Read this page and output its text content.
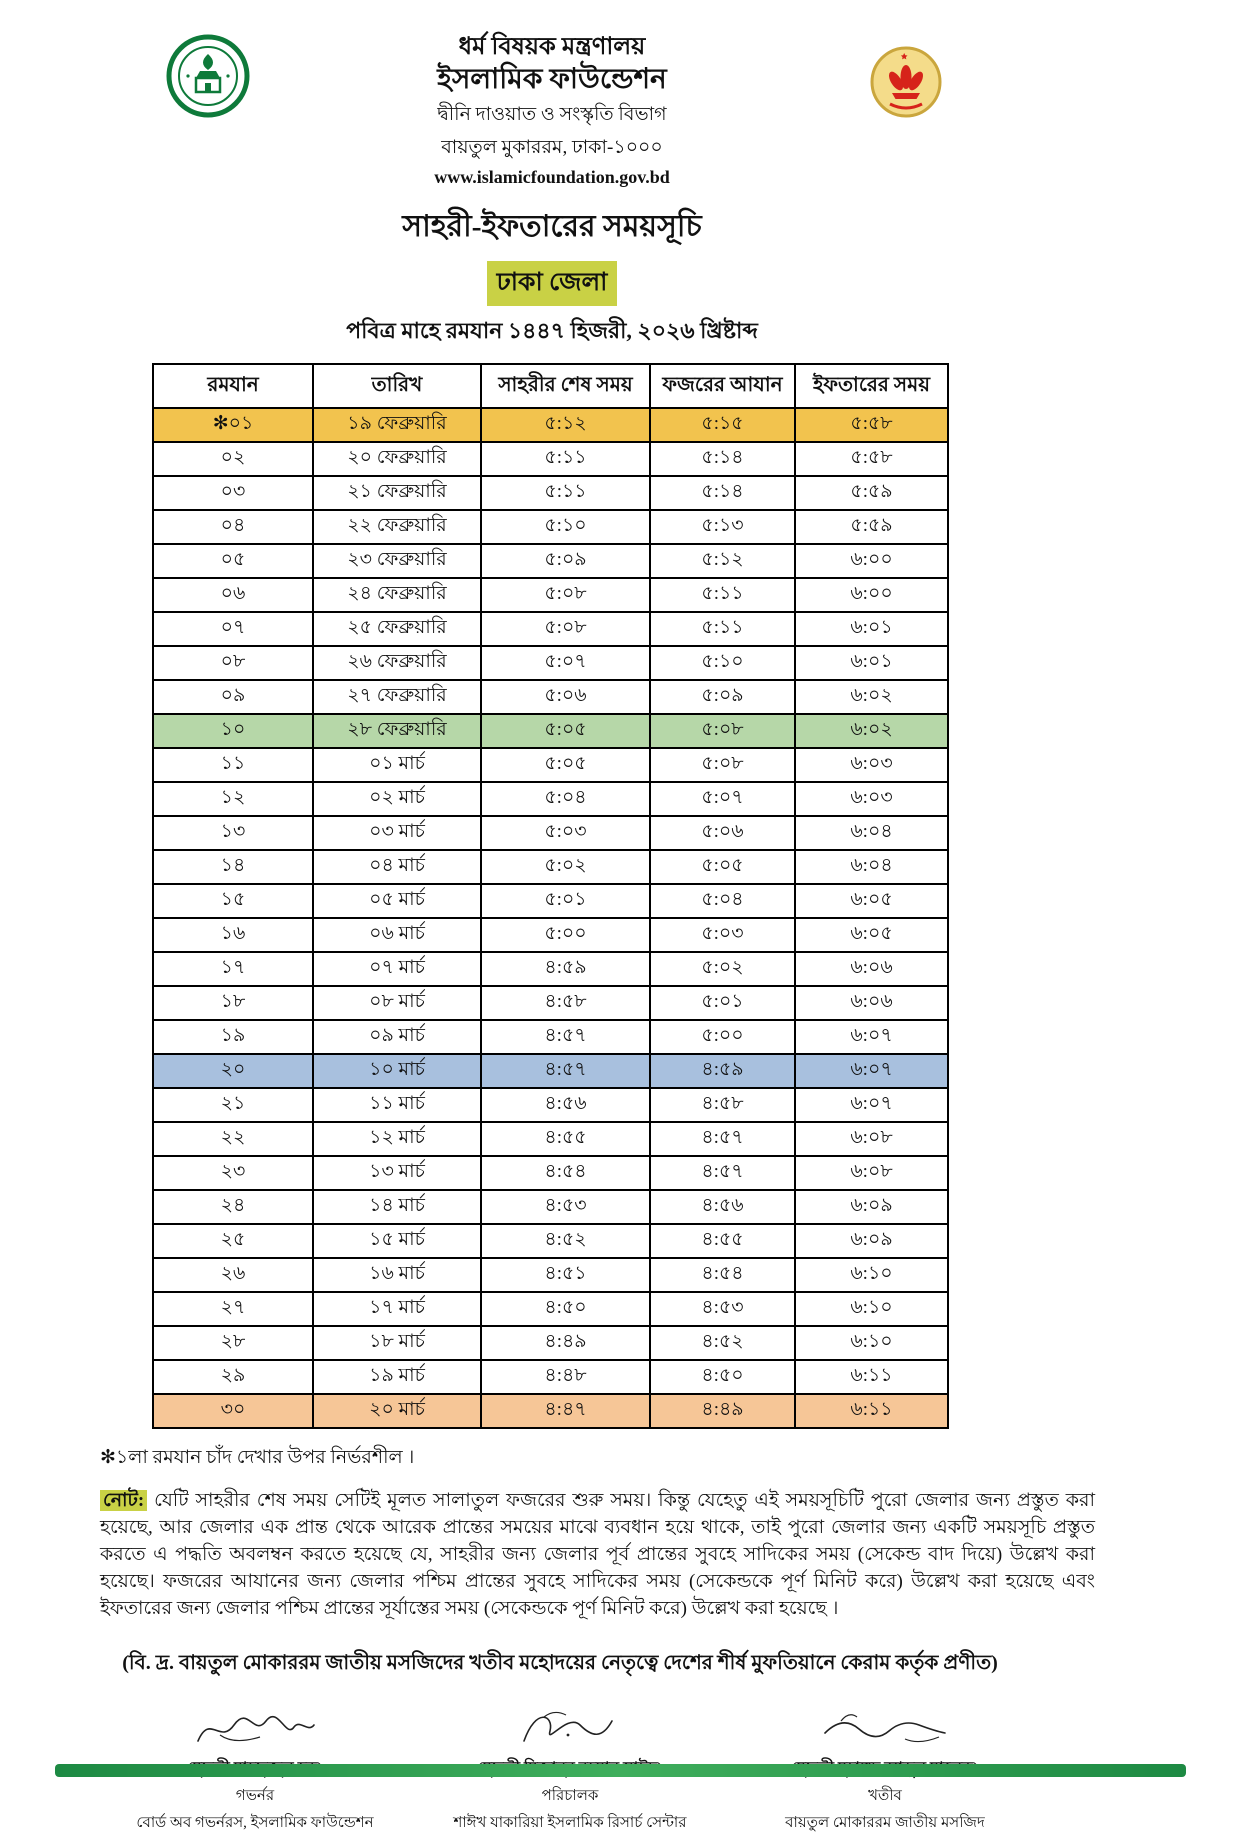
ধর্ম বিষয়ক মন্ত্রণালয়
ইসলামিক ফাউন্ডেশন
দ্বীনি দাওয়াত ও সংস্কৃতি বিভাগ
বায়তুল মুকাররম, ঢাকা-১০০০
www.islamicfoundation.gov.bd
সাহরী-ইফতারের সময়সূচি
ঢাকা জেলা
পবিত্র মাহে রমযান ১৪৪৭ হিজরী, ২০২৬ খ্রিষ্টাব্দ
রমযান	তারিখ	সাহরীর শেষ সময়	ফজরের আযান	ইফতারের সময়
✻০১	১৯ ফেব্রুয়ারি	৫:১২	৫:১৫	৫:৫৮
০২	২০ ফেব্রুয়ারি	৫:১১	৫:১৪	৫:৫৮
০৩	২১ ফেব্রুয়ারি	৫:১১	৫:১৪	৫:৫৯
০৪	২২ ফেব্রুয়ারি	৫:১০	৫:১৩	৫:৫৯
০৫	২৩ ফেব্রুয়ারি	৫:০৯	৫:১২	৬:০০
০৬	২৪ ফেব্রুয়ারি	৫:০৮	৫:১১	৬:০০
০৭	২৫ ফেব্রুয়ারি	৫:০৮	৫:১১	৬:০১
০৮	২৬ ফেব্রুয়ারি	৫:০৭	৫:১০	৬:০১
০৯	২৭ ফেব্রুয়ারি	৫:০৬	৫:০৯	৬:০২
১০	২৮ ফেব্রুয়ারি	৫:০৫	৫:০৮	৬:০২
১১	০১ মার্চ	৫:০৫	৫:০৮	৬:০৩
১২	০২ মার্চ	৫:০৪	৫:০৭	৬:০৩
১৩	০৩ মার্চ	৫:০৩	৫:০৬	৬:০৪
১৪	০৪ মার্চ	৫:০২	৫:০৫	৬:০৪
১৫	০৫ মার্চ	৫:০১	৫:০৪	৬:০৫
১৬	০৬ মার্চ	৫:০০	৫:০৩	৬:০৫
১৭	০৭ মার্চ	৪:৫৯	৫:০২	৬:০৬
১৮	০৮ মার্চ	৪:৫৮	৫:০১	৬:০৬
১৯	০৯ মার্চ	৪:৫৭	৫:০০	৬:০৭
২০	১০ মার্চ	৪:৫৭	৪:৫৯	৬:০৭
২১	১১ মার্চ	৪:৫৬	৪:৫৮	৬:০৭
২২	১২ মার্চ	৪:৫৫	৪:৫৭	৬:০৮
২৩	১৩ মার্চ	৪:৫৪	৪:৫৭	৬:০৮
২৪	১৪ মার্চ	৪:৫৩	৪:৫৬	৬:০৯
২৫	১৫ মার্চ	৪:৫২	৪:৫৫	৬:০৯
২৬	১৬ মার্চ	৪:৫১	৪:৫৪	৬:১০
২৭	১৭ মার্চ	৪:৫০	৪:৫৩	৬:১০
২৮	১৮ মার্চ	৪:৪৯	৪:৫২	৬:১০
২৯	১৯ মার্চ	৪:৪৮	৪:৫০	৬:১১
৩০	২০ মার্চ	৪:৪৭	৪:৪৯	৬:১১
✻১লা রমযান চাঁদ দেখার উপর নির্ভরশীল ।

নোট: যেটি সাহরীর শেষ সময় সেটিই মূলত সালাতুল ফজরের শুরু সময়। কিন্তু যেহেতু এই সময়সূচিটি পুরো জেলার জন্য প্রস্তুত করা হয়েছে, আর জেলার এক প্রান্ত থেকে আরেক প্রান্তের সময়ের মাঝে ব্যবধান হয়ে থাকে, তাই পুরো জেলার জন্য একটি সময়সূচি প্রস্তুত করতে এ পদ্ধতি অবলম্বন করতে হয়েছে যে, সাহরীর জন্য জেলার পূর্ব প্রান্তের সুবহে সাদিকের সময় (সেকেন্ড বাদ দিয়ে) উল্লেখ করা হয়েছে। ফজরের আযানের জন্য জেলার পশ্চিম প্রান্তের সুবহে সাদিকের সময় (সেকেন্ডকে পূর্ণ মিনিট করে) উল্লেখ করা হয়েছে এবং ইফতারের জন্য জেলার পশ্চিম প্রান্তের সূর্যাস্তের সময় (সেকেন্ডকে পূর্ণ মিনিট করে) উল্লেখ করা হয়েছে ।

(বি. দ্র. বায়তুল মোকাররম জাতীয় মসজিদের খতীব মহোদয়ের নেতৃত্বে দেশের শীর্ষ মুফতিয়ানে কেরাম কর্তৃক প্রণীত)
গভর্নর
বোর্ড অব গভর্নরস, ইসলামিক ফাউন্ডেশন
পরিচালক
শাঈখ যাকারিয়া ইসলামিক রিসার্চ সেন্টার
খতীব
বায়তুল মোকাররম জাতীয় মসজিদ
